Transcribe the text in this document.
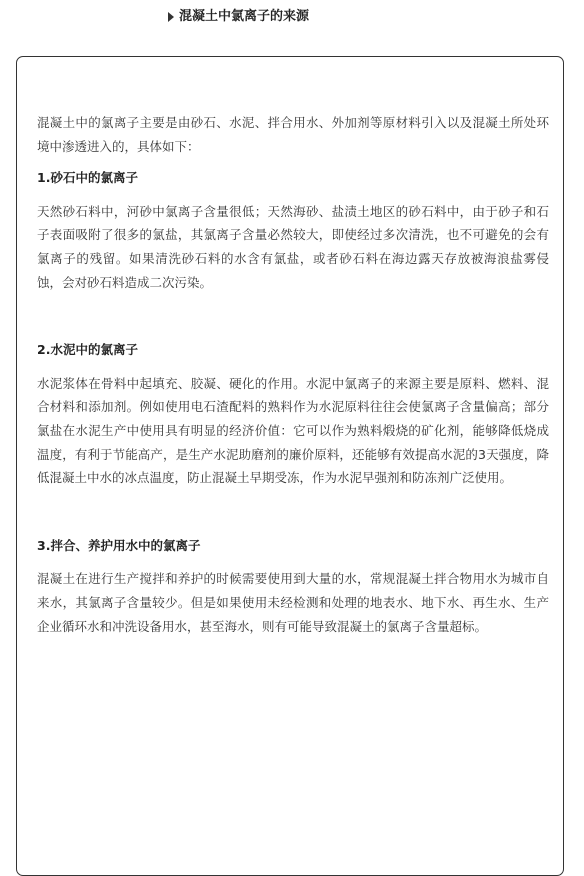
混凝土中氯离子的来源

混凝土中的氯离子主要是由砂石、水泥、拌合用水、外加剂等原材料引入以及混凝土所处环境中渗透进入的，具体如下：

1.砂石中的氯离子

天然砂石料中，河砂中氯离子含量很低；天然海砂、盐渍土地区的砂石料中，由于砂子和石子表面吸附了很多的氯盐，其氯离子含量必然较大，即使经过多次清洗，也不可避免的会有氯离子的残留。如果清洗砂石料的水含有氯盐，或者砂石料在海边露天存放被海浪盐雾侵蚀，会对砂石料造成二次污染。

2.水泥中的氯离子

水泥浆体在骨料中起填充、胶凝、硬化的作用。水泥中氯离子的来源主要是原料、燃料、混合材料和添加剂。例如使用电石渣配料的熟料作为水泥原料往往会使氯离子含量偏高；部分氯盐在水泥生产中使用具有明显的经济价值：它可以作为熟料煅烧的矿化剂，能够降低烧成温度，有利于节能高产，是生产水泥助磨剂的廉价原料，还能够有效提高水泥的3天强度，降低混凝土中水的冰点温度，防止混凝土早期受冻，作为水泥早强剂和防冻剂广泛使用。

3.拌合、养护用水中的氯离子

混凝土在进行生产搅拌和养护的时候需要使用到大量的水，常规混凝土拌合物用水为城市自来水，其氯离子含量较少。但是如果使用未经检测和处理的地表水、地下水、再生水、生产企业循环水和冲洗设备用水，甚至海水，则有可能导致混凝土的氯离子含量超标。
